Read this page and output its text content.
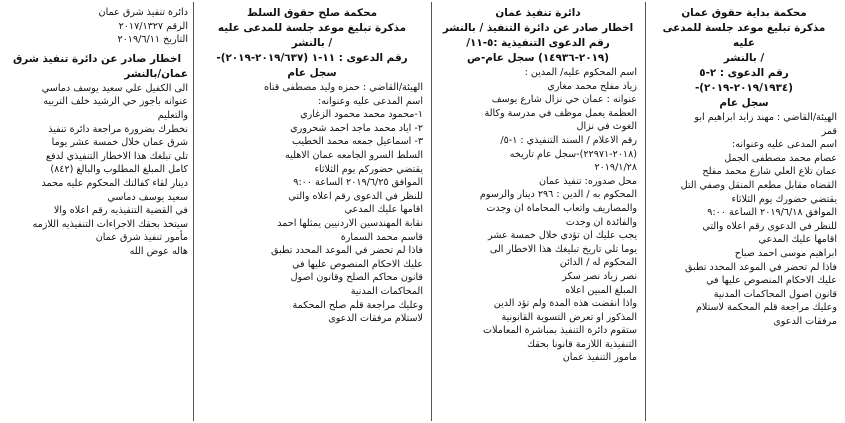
محكمة بداية حقوق عمان
مذكرة تبليغ موعد جلسة للمدعى عليه
/ بالنشر
رقم الدعوى : ٢-٥ (٢٠١٩/١٩٣٤-٢٠١٩)-
سجل عام
الهيئة/القاضي : مهند زايد ابراهيم ابو
قمر
اسم المدعى عليه وعنوانه:
عصام محمد مصطفى الجمل
عمان تلاع العلي شارع محمد مفلح
القضاه مقابل مطعم المنقل وصفي التل
يقتضي حضورك يوم الثلاثاء
الموافق ٢٠١٩/٦/١٨ الساعة ٩:٠٠
للنظر في الدعوى رقم اعلاه والتي
اقامها عليك المدعي
ابراهيم موسى احمد صباح
فاذا لم تحضر في الموعد المحدد تطبق
عليك الاحكام المنصوص عليها في
قانون اصول المحاكمات المدنية
وعليك مراجعة قلم المحكمة لاستلام
مرفقات الدعوى
دائرة تنفيذ عمان
اخطار صادر عن دائرة التنفيذ / بالنشر
رقم الدعوى التنفيذية :٥-١١/
(٢٠١٩-١٤٩٣٦) سجل عام-ص
اسم المحكوم عليه/ المدين :
زياد مفلح محمد مغاري
عنوانه : عمان حي نزال شارع يوسف
العظمة يعمل موظف في مدرسة وكالة
الغوث في نزال
رقم الاعلام / السند التنفيذي : ١-٥/
(٢٠١٨-٢٢٩٧١)-سجل عام تاريخه
٢٠١٩/١/٢٨
محل صدوره: تنفيذ عمان
المحكوم به / الدين : ٢٩٦ دينار والرسوم
والمصاريف واتعاب المحاماة ان وجدت
والفائدة ان وجدت
يجب عليك ان تؤدي خلال خمسة عشر
يوما تلي تاريخ تبليغك هذا الاخطار الى
المحكوم له / الدائن
نصر زياد نصر سكر
المبلغ المبين اعلاه
واذا انقضت هذه المدة ولم تؤد الدين
المذكور او تعرض التسوية القانونية
ستقوم دائرة التنفيذ بمباشرة المعاملات
التنفيذية اللازمة قانونا بحقك
مامور التنفيذ عمان
محكمة صلح حقوق السلط
مذكرة تبليغ موعد جلسة للمدعى عليه
/ بالنشر
رقم الدعوى : ١١-١ (٢٠١٩/٦٣٧-٢٠١٩)-
سجل عام
الهيئة/القاضي : حمزه وليد مصطفى قناه
اسم المدعى عليه وعنوانه:
١-محمود محمد محمود الزغاري
٢- اياد محمد ماجد احمد شحروري
٣- اسماعيل جمعه محمد الخطيب
السلط السرو الجامعه عمان الاهليه
يقتضي حضوركم يوم الثلاثاء
الموافق ٢٠١٩/٦/٢٥ الساعة ٩:٠٠
للنظر في الدعوى رقم اعلاه والتي
اقامها عليك المدعي
نقابة المهندسين الاردنيين يمثلها احمد
قاسم محمد السمارة
فاذا لم تحضر في الموعد المحدد تطبق
عليك الاحكام المنصوص عليها في
قانون محاكم الصلح وقانون اصول
المحاكمات المدنية
وعليك مراجعة قلم صلح المحكمة
لاستلام مرفقات الدعوى
دائرة تنفيذ شرق عمان
الرقم ٢٠١٧/١٣٢٧
التاريخ ٢٠١٩/٦/١١
اخطار صادر عن دائرة تنفيذ شرق
عمان/بالنشر
الى الكفيل علي سعيد يوسف دماسي
عنوانه باجوز حي الرشيد خلف التربيه
والتعليم
نخطرك بضرورة مراجعة دائرة تنفيذ
شرق عمان خلال خمسة عشر يوما
تلي تبلغك هذا الاخطار التنفيذي لدفع
كامل المبلغ المطلوب والبالغ (٨٤٢)
دينار لقاء كفالتك المحكوم عليه محمد
سعيد يوسف دماسي
في القضية التنفيذيه رقم اعلاه والا
سيتخذ بحقك الاجراءات التنفيذيه اللازمه
مأمور تنفيذ شرق عمان
هاله عوض الله
